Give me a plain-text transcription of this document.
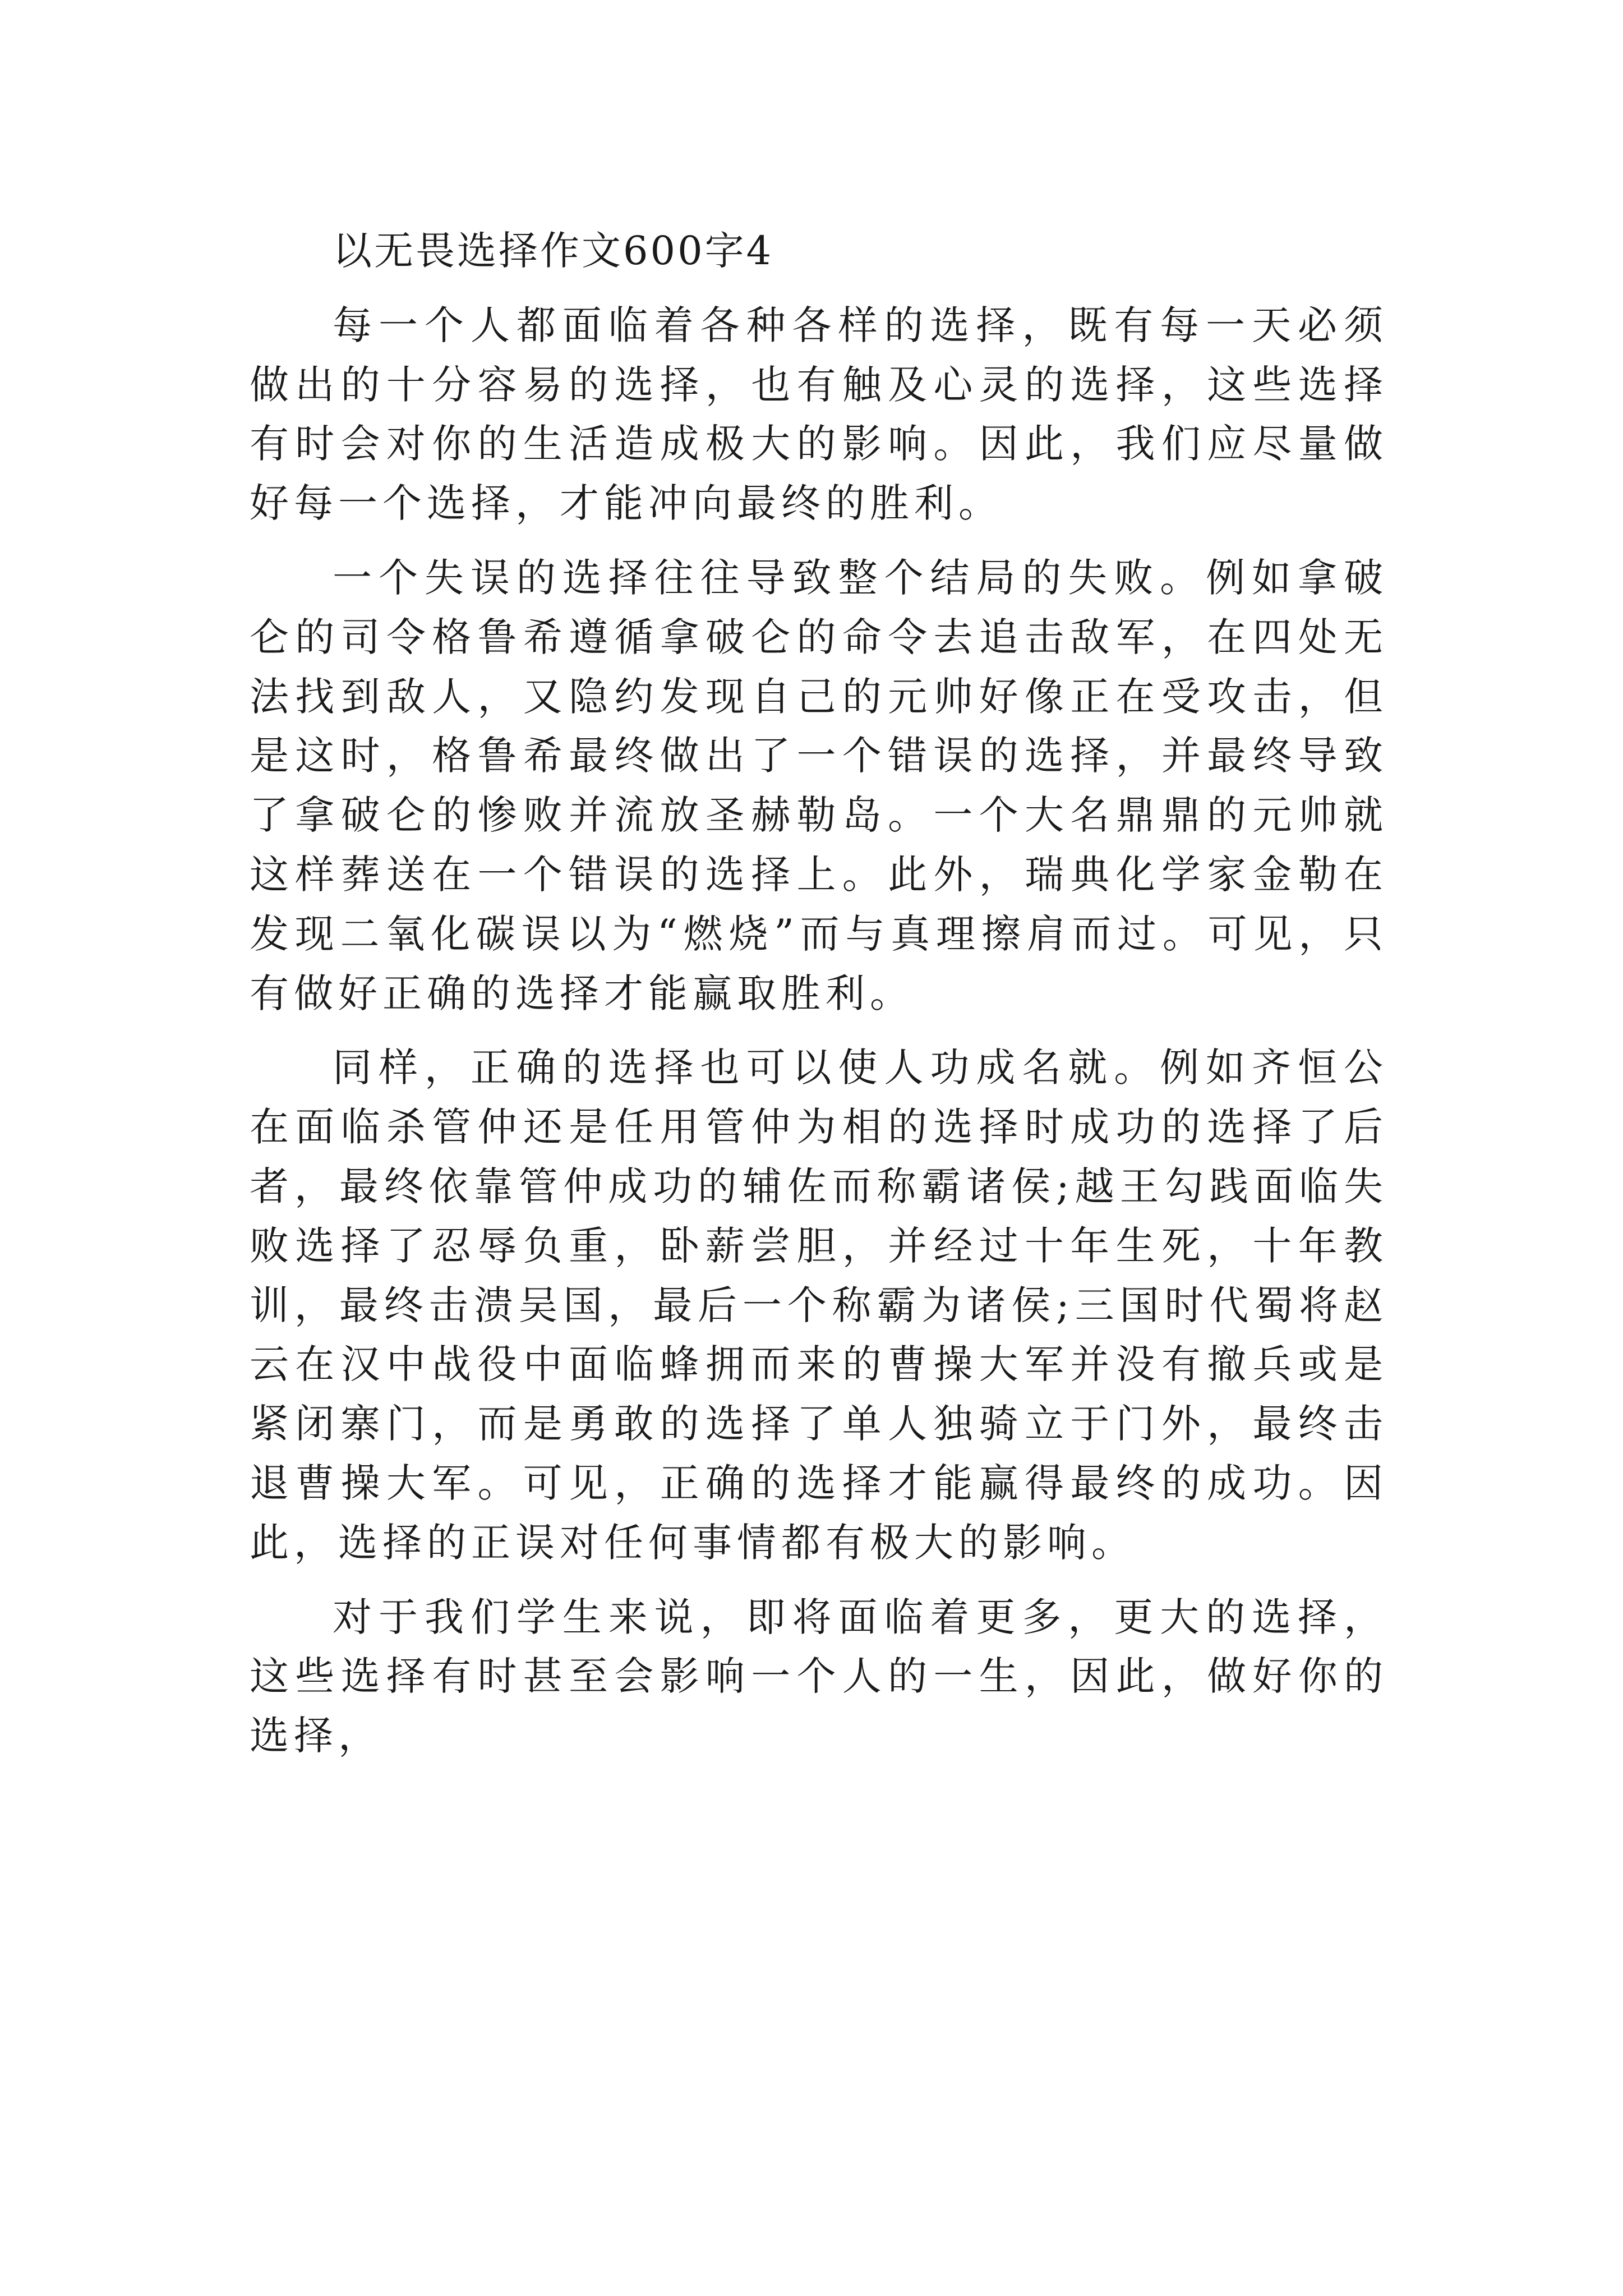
以无畏选择作文600字4

每一个人都面临着各种各样的选择，既有每一天必须做出的十分容易的选择，也有触及心灵的选择，这些选择有时会对你的生活造成极大的影响。因此，我们应尽量做好每一个选择，才能冲向最终的胜利。

一个失误的选择往往导致整个结局的失败。例如拿破仑的司令格鲁希遵循拿破仑的命令去追击敌军，在四处无法找到敌人，又隐约发现自己的元帅好像正在受攻击，但是这时，格鲁希最终做出了一个错误的选择，并最终导致了拿破仑的惨败并流放圣赫勒岛。一个大名鼎鼎的元帅就这样葬送在一个错误的选择上。此外，瑞典化学家金勒在发现二氧化碳误以为“燃烧”而与真理擦肩而过。可见，只有做好正确的选择才能赢取胜利。

同样，正确的选择也可以使人功成名就。例如齐恒公在面临杀管仲还是任用管仲为相的选择时成功的选择了后者，最终依靠管仲成功的辅佐而称霸诸侯;越王勾践面临失败选择了忍辱负重，卧薪尝胆，并经过十年生死，十年教训，最终击溃吴国，最后一个称霸为诸侯;三国时代蜀将赵云在汉中战役中面临蜂拥而来的曹操大军并没有撤兵或是紧闭寨门，而是勇敢的选择了单人独骑立于门外，最终击退曹操大军。可见，正确的选择才能赢得最终的成功。因此，选择的正误对任何事情都有极大的影响。

对于我们学生来说，即将面临着更多，更大的选择，这些选择有时甚至会影响一个人的一生，因此，做好你的选择，
